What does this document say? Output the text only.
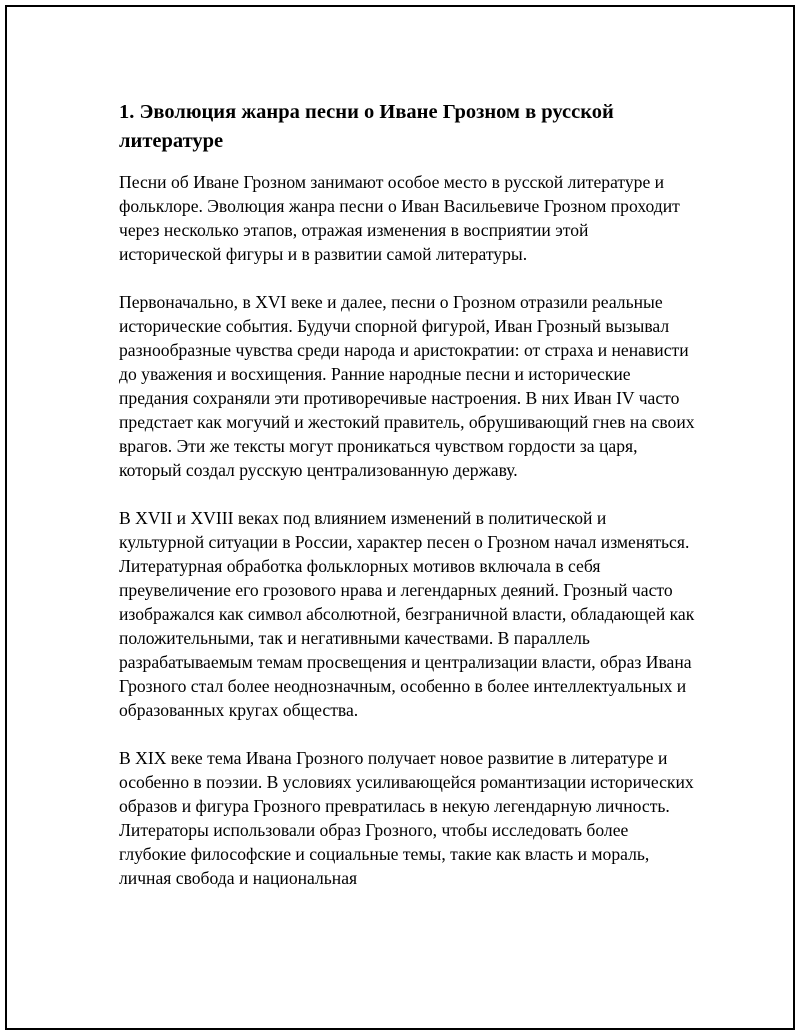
1. Эволюция жанра песни о Иване Грозном в русской литературе

Песни об Иване Грозном занимают особое место в русской литературе и фольклоре. Эволюция жанра песни о Иван Васильевиче Грозном проходит через несколько этапов, отражая изменения в восприятии этой исторической фигуры и в развитии самой литературы.

Первоначально, в XVI веке и далее, песни о Грозном отразили реальные исторические события. Будучи спорной фигурой, Иван Грозный вызывал разнообразные чувства среди народа и аристократии: от страха и ненависти до уважения и восхищения. Ранние народные песни и исторические предания сохраняли эти противоречивые настроения. В них Иван IV часто предстает как могучий и жестокий правитель, обрушивающий гнев на своих врагов. Эти же тексты могут проникаться чувством гордости за царя, который создал русскую централизованную державу.

В XVII и XVIII веках под влиянием изменений в политической и культурной ситуации в России, характер песен о Грозном начал изменяться. Литературная обработка фольклорных мотивов включала в себя преувеличение его грозового нрава и легендарных деяний. Грозный часто изображался как символ абсолютной, безграничной власти, обладающей как положительными, так и негативными качествами. В параллель разрабатываемым темам просвещения и централизации власти, образ Ивана Грозного стал более неоднозначным, особенно в более интеллектуальных и образованных кругах общества.

В XIX веке тема Ивана Грозного получает новое развитие в литературе и особенно в поэзии. В условиях усиливающейся романтизации исторических образов и фигура Грозного превратилась в некую легендарную личность. Литераторы использовали образ Грозного, чтобы исследовать более глубокие философские и социальные темы, такие как власть и мораль, личная свобода и национальная
